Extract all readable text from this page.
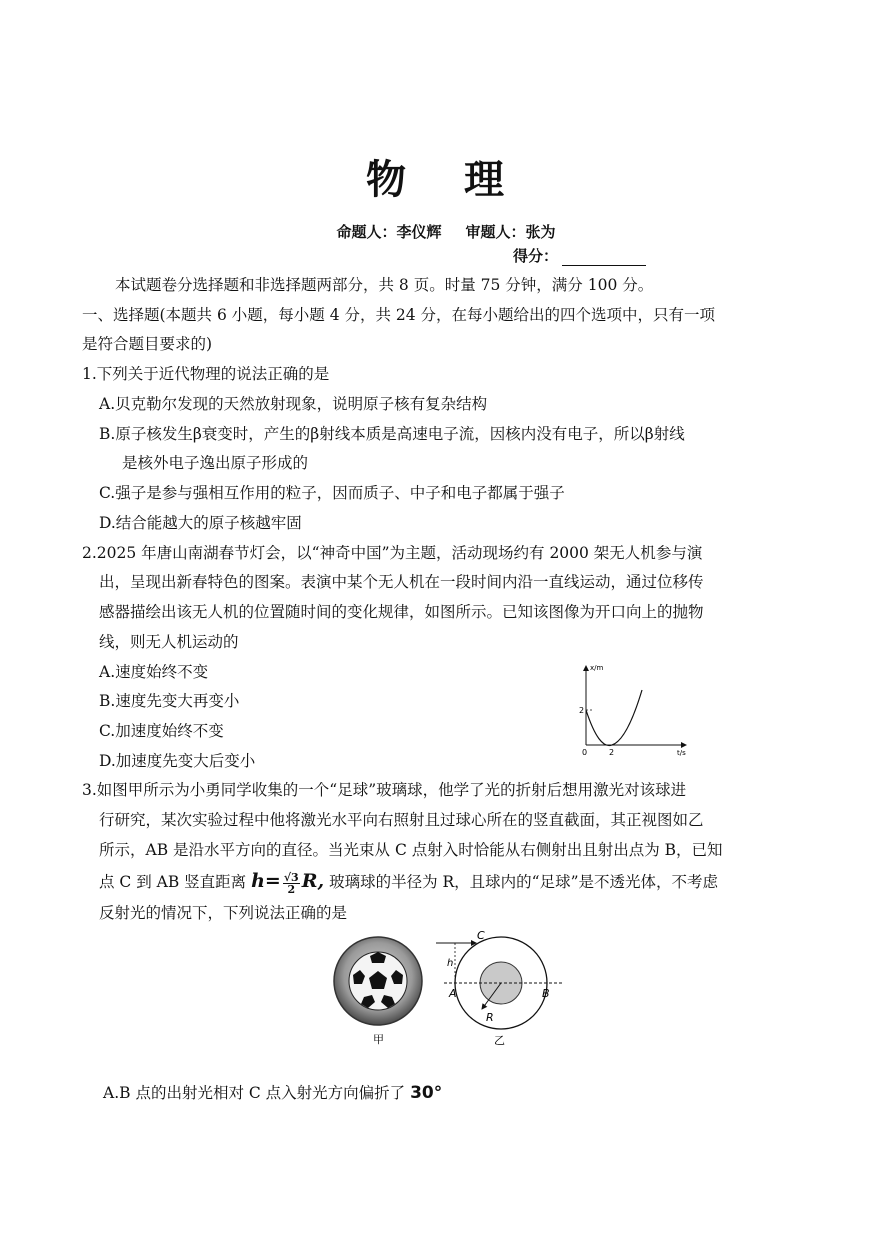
物 理
命题人：李仪辉 审题人：张为
得分：
本试题卷分选择题和非选择题两部分，共 8 页。时量 75 分钟，满分 100 分。
一、选择题(本题共 6 小题，每小题 4 分，共 24 分，在每小题给出的四个选项中，只有一项
是符合题目要求的)
1.下列关于近代物理的说法正确的是
A.贝克勒尔发现的天然放射现象，说明原子核有复杂结构
B.原子核发生β衰变时，产生的β射线本质是高速电子流，因核内没有电子，所以β射线
是核外电子逸出原子形成的
C.强子是参与强相互作用的粒子，因而质子、中子和电子都属于强子
D.结合能越大的原子核越牢固
2.2025 年唐山南湖春节灯会，以“神奇中国”为主题，活动现场约有 2000 架无人机参与演
出，呈现出新春特色的图案。表演中某个无人机在一段时间内沿一直线运动，通过位移传
感器描绘出该无人机的位置随时间的变化规律，如图所示。已知该图像为开口向上的抛物
线，则无人机运动的
A.速度始终不变
B.速度先变大再变小
C.加速度始终不变
D.加速度先变大后变小
x/m
t/s
0
2
2
3.如图甲所示为小勇同学收集的一个“足球”玻璃球，他学了光的折射后想用激光对该球进
行研究，某次实验过程中他将激光水平向右照射且过球心所在的竖直截面，其正视图如乙
所示，AB 是沿水平方向的直径。当光束从 C 点射入时恰能从右侧射出且射出点为 B，已知
点 C 到 AB 竖直距离 $h= \frac{√3}{2} R$, 玻璃球的半径为 R，且球内的“足球”是不透光体，不考虑
反射光的情况下，下列说法正确的是
甲
C
h
A	B
R
乙
A.B 点的出射光相对 C 点入射光方向偏折了 30°
